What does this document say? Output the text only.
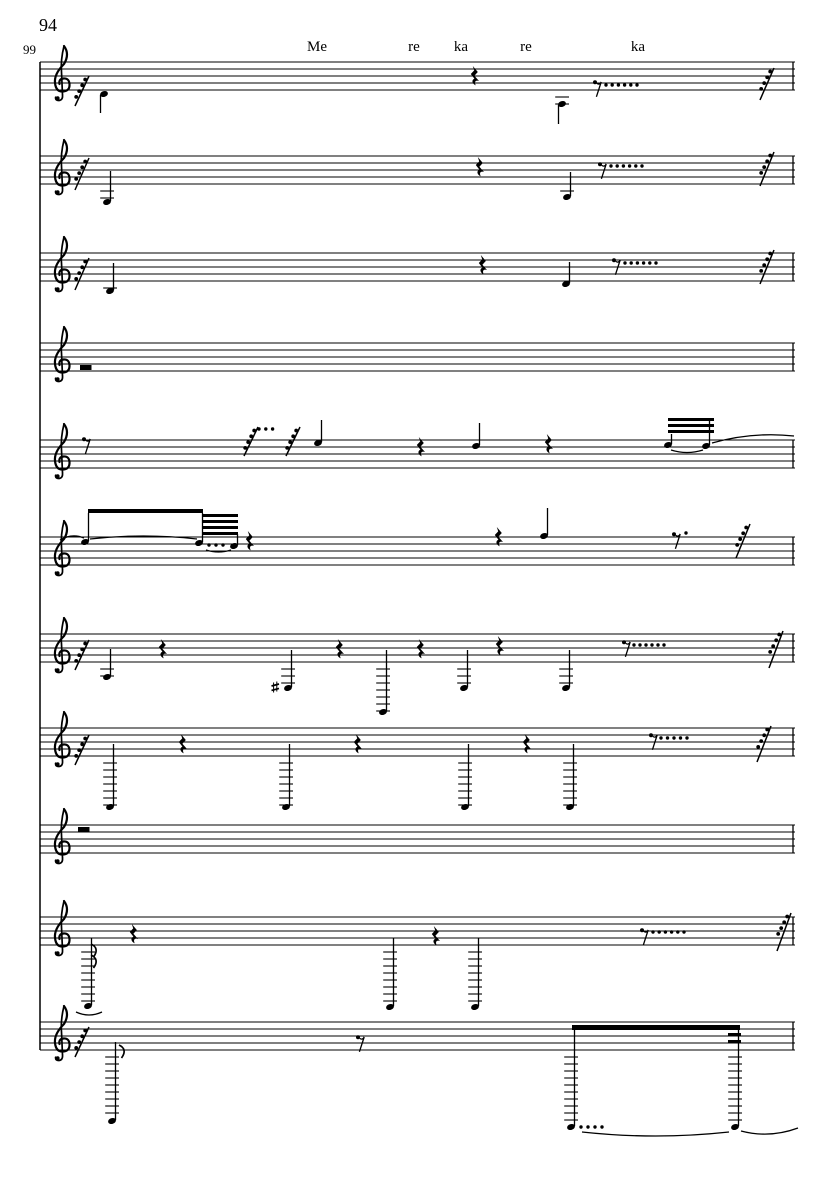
94
99	Me	re ka	re	ka
